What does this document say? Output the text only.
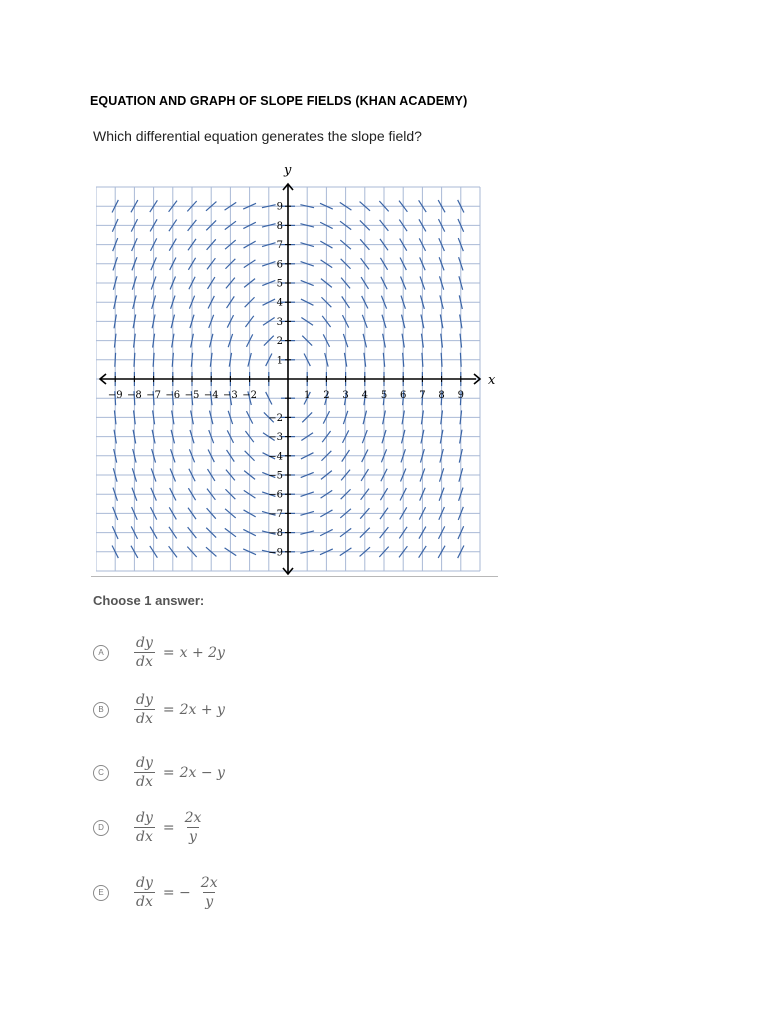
EQUATION AND GRAPH OF SLOPE FIELDS (KHAN ACADEMY)
Which differential equation generates the slope field?
x
y
−9 −8 −7 −6 −5 −4 −3 −2	1 2 3 4 5 6 7 8 9
9
8
7
6
5
4
3
2
1
−2
−3
−4
−5
−6
−7
−8
−9
Choose 1 answer:
A	$\frac{dy}{dx} = x + 2y$
B	$\frac{dy}{dx} = 2x + y$
C	$\frac{dy}{dx} = 2x - y$
D	$\frac{dy}{dx} = \frac{2x}{y}$
E	$\frac{dy}{dx}$ = − $\frac{2x}{y}$
